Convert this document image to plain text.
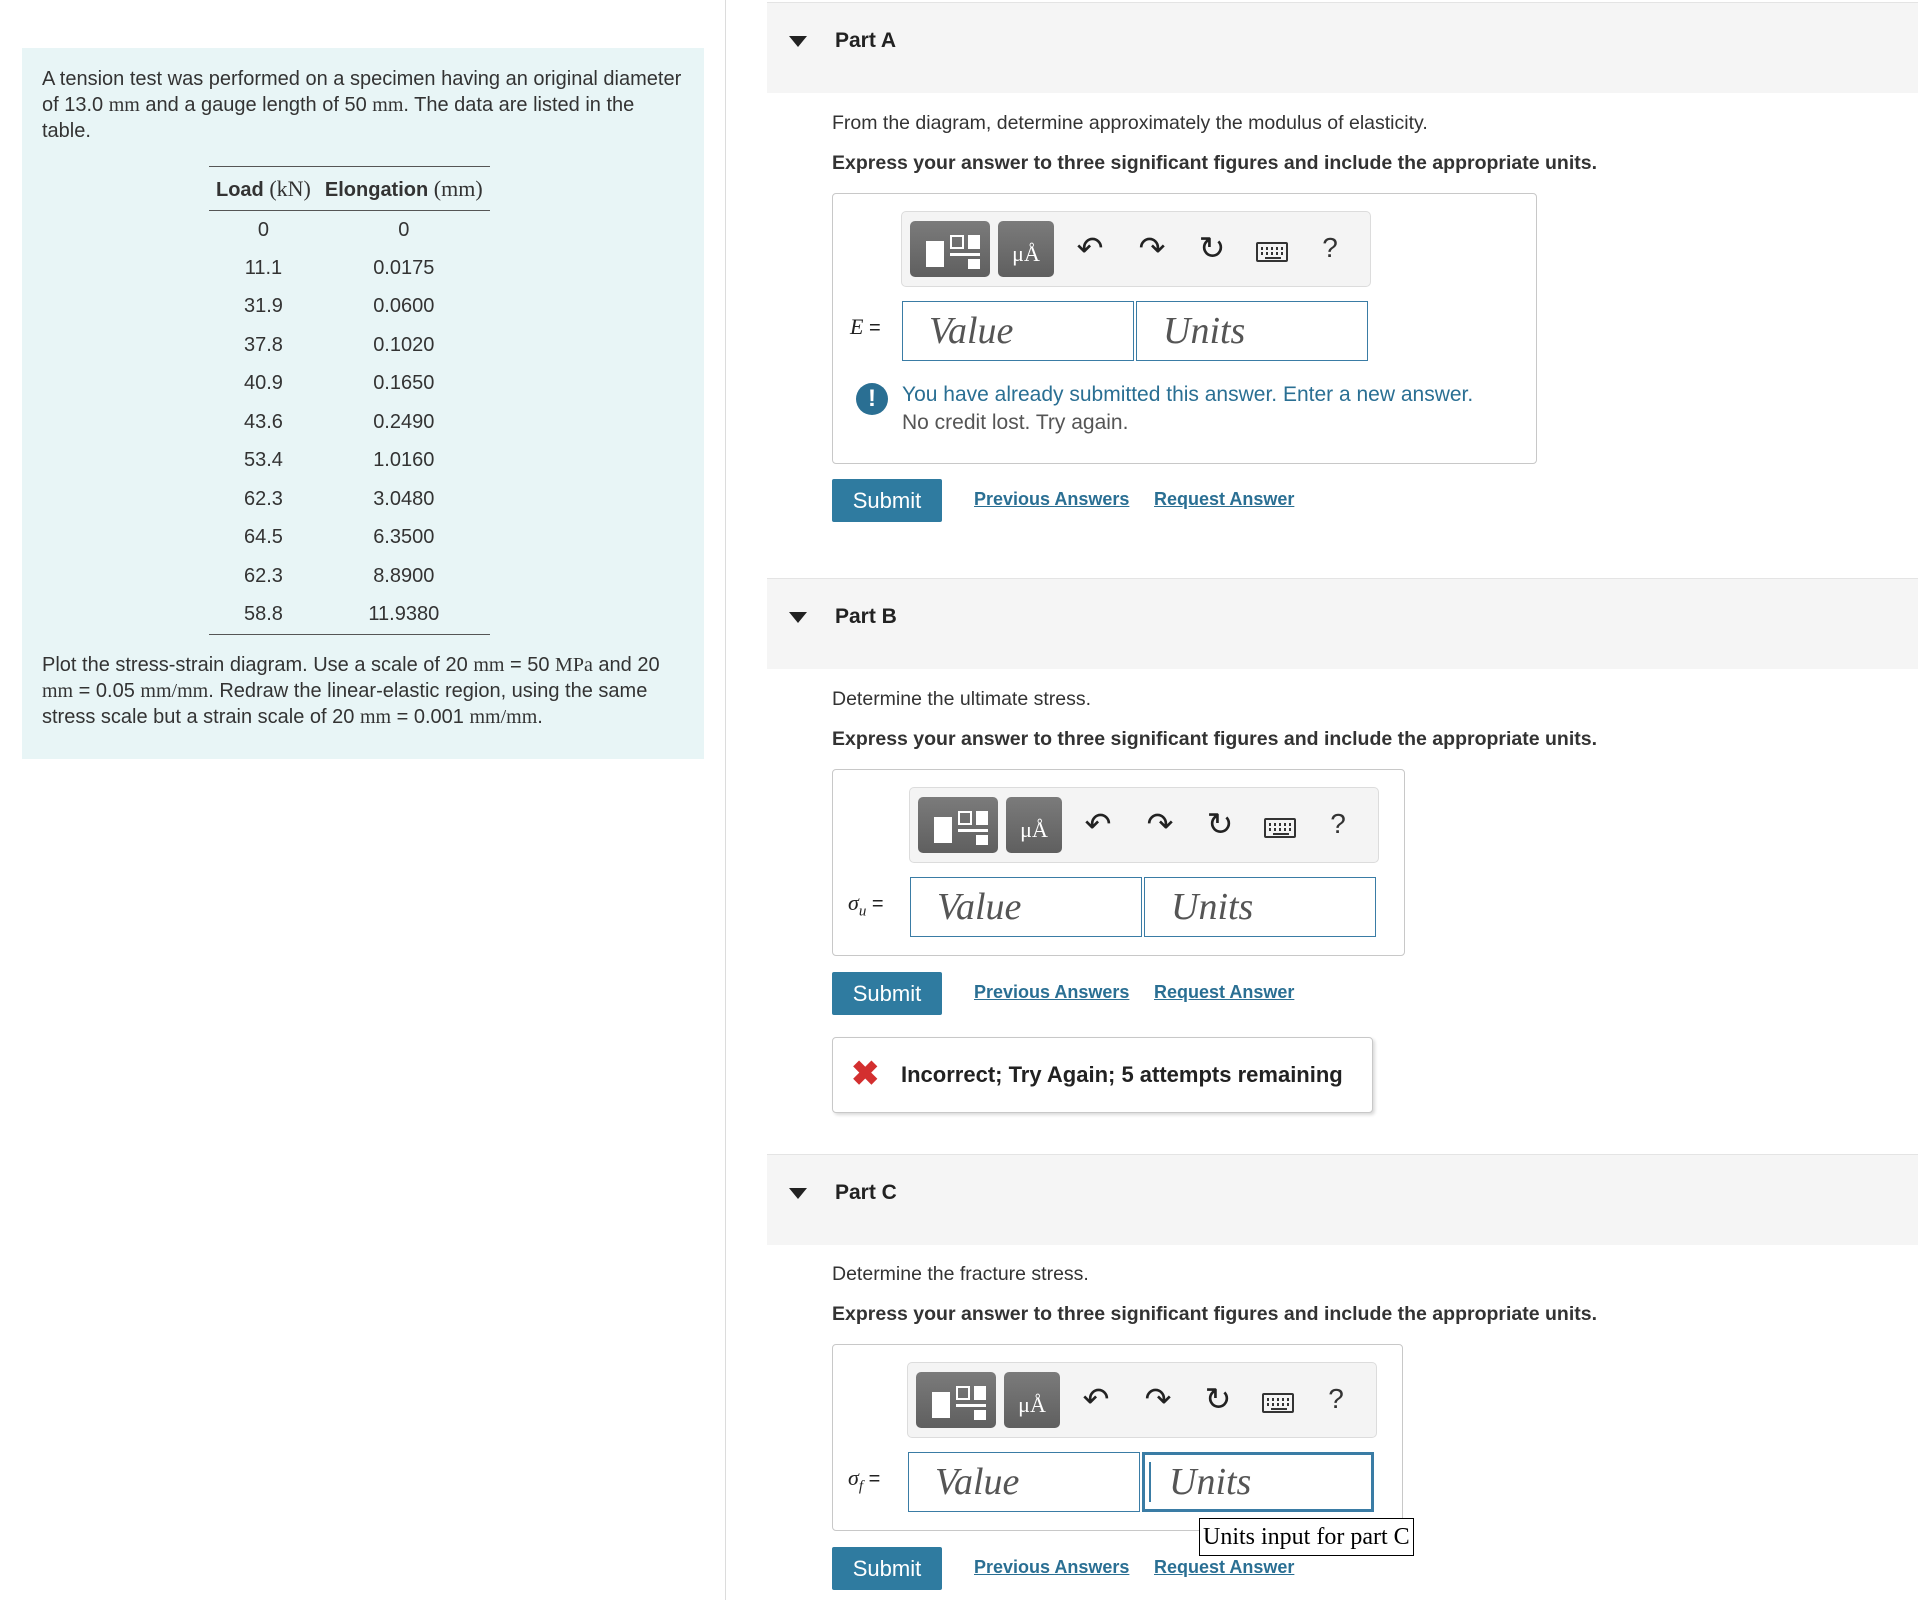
A tension test was performed on a specimen having an original diameter of 13.0 mm and a gauge length of 50 mm. The data are listed in the table.

Load (kN)	Elongation (mm)
0	0
11.1	0.0175
31.9	0.0600
37.8	0.1020
40.9	0.1650
43.6	0.2490
53.4	1.0160
62.3	3.0480
64.5	6.3500
62.3	8.8900
58.8	11.9380

Plot the stress-strain diagram. Use a scale of 20 mm = 50 MPa and 20 mm = 0.05 mm/mm. Redraw the linear-elastic region, using the same stress scale but a strain scale of 20 mm = 0.001 mm/mm.

Part A

From the diagram, determine approximately the modulus of elasticity.

Express your answer to three significant figures and include the appropriate units.

μÅ	↶ ↷ ↻	?
E =
Value
Units
!	You have already submitted this answer. Enter a new answer.
No credit lost. Try again.
Submit	Previous Answers Request Answer
Part B

Determine the ultimate stress.

Express your answer to three significant figures and include the appropriate units.

μÅ	↶ ↷ ↻	?
$\sigma_u$ =
Value
Units
Submit	Previous Answers Request Answer
✖ Incorrect; Try Again; 5 attempts remaining
Part C

Determine the fracture stress.

Express your answer to three significant figures and include the appropriate units.

μÅ	↶ ↷ ↻	?
$\sigma_f$ =
Value
Units
Units input for part C
Submit	Previous Answers Request Answer
